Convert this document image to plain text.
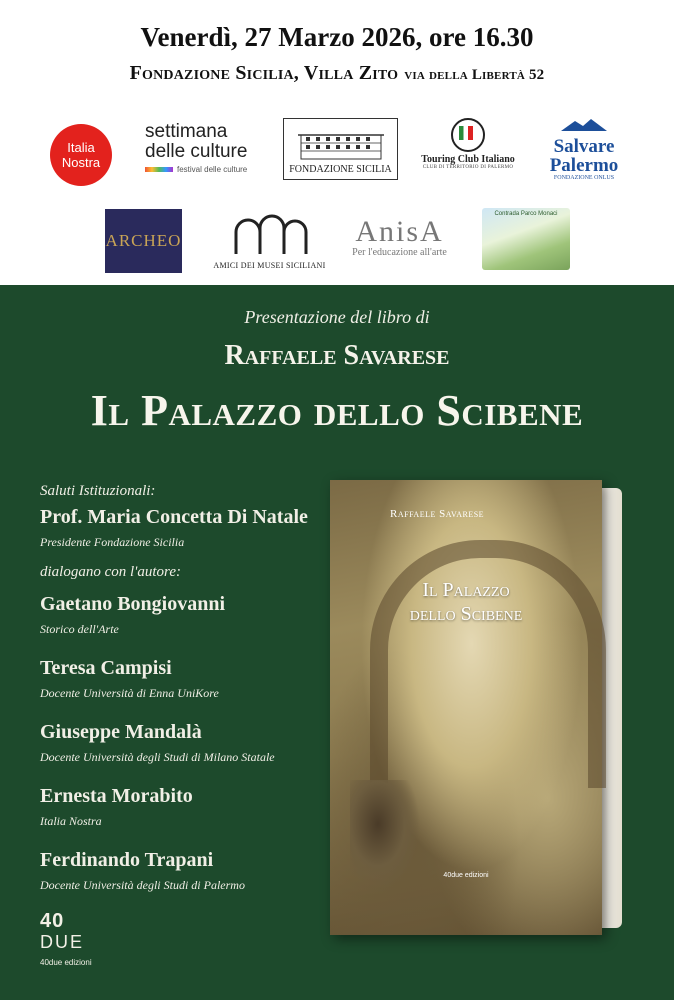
Venerdì, 27 Marzo 2026, ore 16.30
Fondazione Sicilia, Villa Zito via della Libertà 52
Italia Nostra
settimana
delle culture
festival delle culture	FONDAZIONE SICILIA
Touring Club Italiano
CLUB DI TERRITORIO DI PALERMO
Salvare
Palermo
FONDAZIONE ONLUS
ARCHEO
AMICI DEI MUSEI SICILIANI
AnisA
Per l'educazione all'arte
Contrada Parco Monaci
Presentazione del libro di
Raffaele Savarese
Il Palazzo dello Scibene
Saluti Istituzionali:
Prof. Maria Concetta Di Natale
Presidente Fondazione Sicilia
dialogano con l'autore:
Gaetano Bongiovanni
Storico dell'Arte
Teresa Campisi
Docente Università di Enna UniKore
Giuseppe Mandalà
Docente Università degli Studi di Milano Statale
Ernesta Morabito
Italia Nostra
Ferdinando Trapani
Docente Università degli Studi di Palermo
Raffaele Savarese
Il Palazzo
dello Scibene
40due edizioni
40
DUE
40due edizioni
